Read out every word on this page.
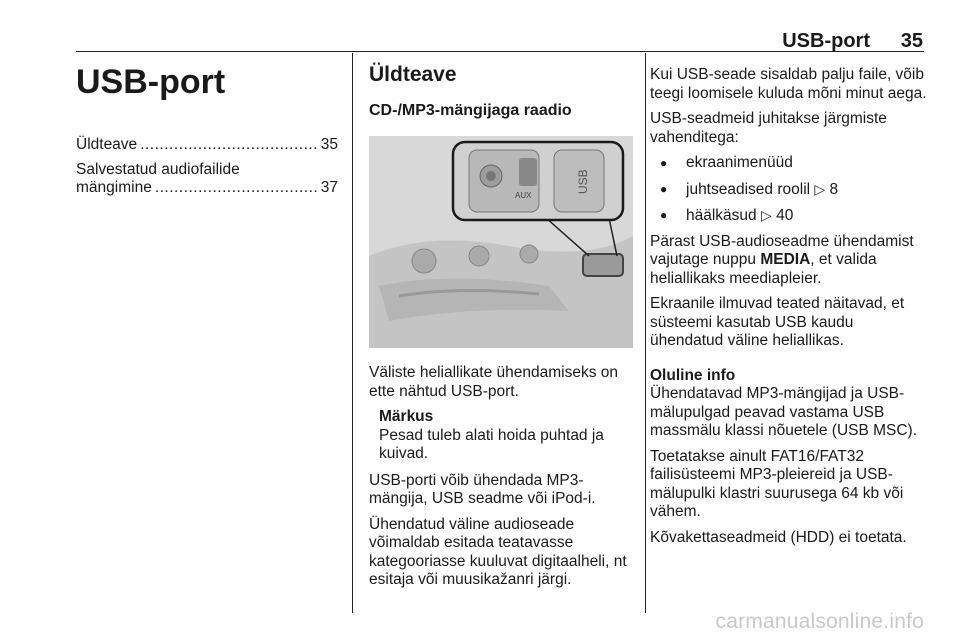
USB-port 35
USB-port
Üldteave .....	35
Salvestatud audiofailide
mängimine .....	37
Üldteave
CD-/MP3-mängijaga raadio
AUX
USB

Väliste heliallikate ühendamiseks on ette nähtud USB-port.

Märkus
Pesad tuleb alati hoida puhtad ja kuivad.

USB-porti võib ühendada MP3-mängija, USB seadme või iPod-i.

Ühendatud väline audioseade võimaldab esitada teatavasse kategooriasse kuuluvat digitaalheli, nt esitaja või muusikažanri järgi.

Kui USB-seade sisaldab palju faile, võib teegi loomisele kuluda mõni minut aega.

USB-seadmeid juhitakse järgmiste vahenditega:

● ekraanimenüüd
● juhtseadised roolil ▷ 8
● häälkäsud ▷ 40

Pärast USB-audioseadme ühendamist vajutage nuppu MEDIA, et valida heliallikaks meediapleier.

Ekraanile ilmuvad teated näitavad, et süsteemi kasutab USB kaudu ühendatud väline heliallikas.

Oluline info

Ühendatavad MP3-mängijad ja USB-mälupulgad peavad vastama USB massmälu klassi nõuetele (USB MSC).

Toetatakse ainult FAT16/FAT32 failisüsteemi MP3-pleiereid ja USB-mälupulki klastri suurusega 64 kb või vähem.

Kõvakettaseadmeid (HDD) ei toetata.

carmanualsonline.info
